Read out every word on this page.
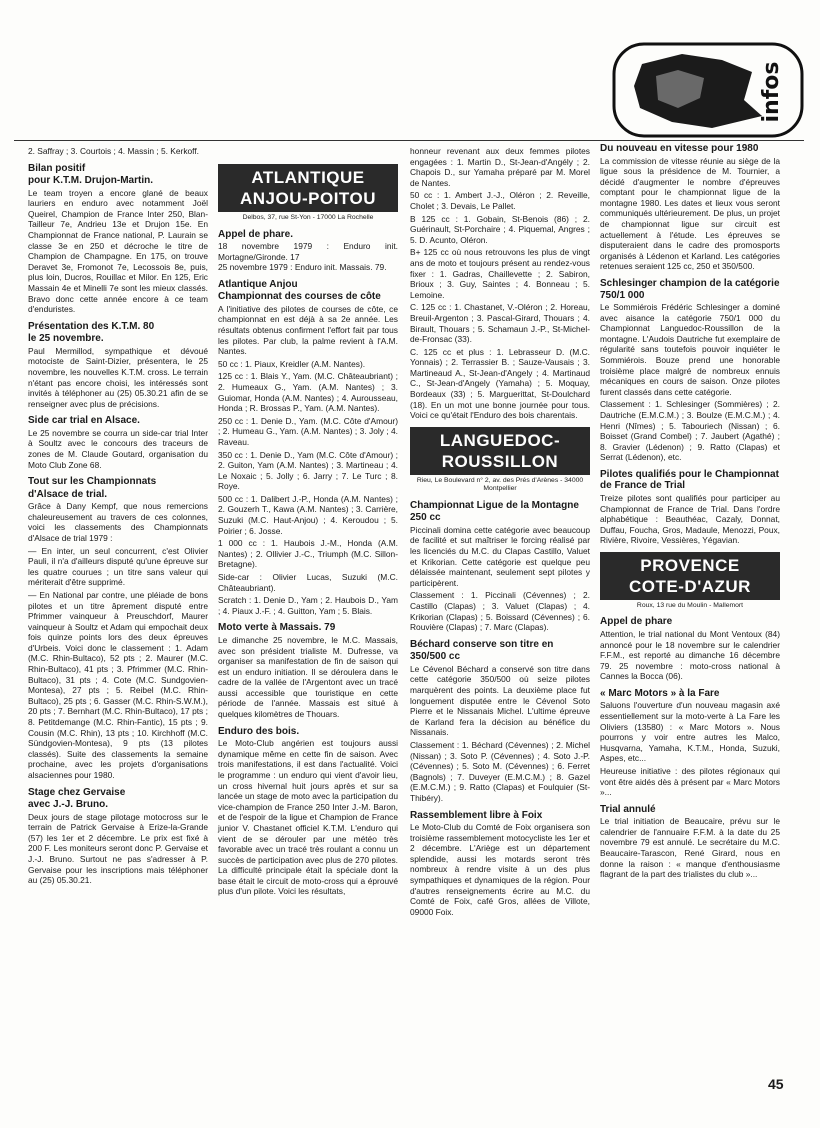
infos

2. Saffray ; 3. Courtois ; 4. Massin ; 5. Kerkoff.

Bilan positif
pour K.T.M. Drujon-Martin.

Le team troyen a encore glané de beaux lauriers en enduro avec notamment Joël Queirel, Champion de France Inter 250, Blan-Tailleur 7e, Andrieu 13e et Drujon 15e. En Championnat de France national, P. Laurain se classe 3e en 250 et décroche le titre de Champion de Champagne. En 175, on trouve Deravet 3e, Fromonot 7e, Lecossois 8e, puis, plus loin, Ducros, Rouillac et Milor. En 125, Eric Massain 4e et Minelli 7e sont les mieux classés. Bravo donc cette année encore à ce team d'enduristes.

Présentation des K.T.M. 80
le 25 novembre.

Paul Mermillod, sympathique et dévoué motociste de Saint-Dizier, présentera, le 25 novembre, les nouvelles K.T.M. cross. Le terrain n'étant pas encore choisi, les intéressés sont invités à téléphoner au (25) 05.30.21 afin de se renseigner avec plus de précisions.

Side car trial en Alsace.

Le 25 novembre se courra un side-car trial Inter à Soultz avec le concours des traceurs de zones de M. Claude Goutard, organisation du Moto Club Zone 68.

Tout sur les Championnats
d'Alsace de trial.

Grâce à Dany Kempf, que nous remercions chaleureusement au travers de ces colonnes, voici les classements des Championnats d'Alsace de trial 1979 :

— En inter, un seul concurrent, c'est Olivier Pauli, il n'a d'ailleurs disputé qu'une épreuve sur les quatre courues ; un titre sans valeur qui mériterait d'être supprimé.

— En National par contre, une pléiade de bons pilotes et un titre âprement disputé entre Pfrimmer vainqueur à Preuschdorf, Maurer vainqueur à Soultz et Adam qui empochait deux fois quinze points lors des deux épreuves d'Urbeis. Voici donc le classement : 1. Adam (M.C. Rhin-Bultaco), 52 pts ; 2. Maurer (M.C. Rhin-Bultaco), 41 pts ; 3. Pfrimmer (M.C. Rhin-Bultaco), 31 pts ; 4. Cote (M.C. Sundgovien-Montesa), 27 pts ; 5. Reibel (M.C. Rhin-Bultaco), 25 pts ; 6. Gasser (M.C. Rhin-S.W.M.), 20 pts ; 7. Bernhart (M.C. Rhin-Bultaco), 17 pts ; 8. Petitdemange (M.C. Rhin-Fantic), 15 pts ; 9. Cousin (M.C. Rhin), 13 pts ; 10. Kirchhoff (M.C. Sündgovien-Montesa), 9 pts (13 pilotes classés). Suite des classements la semaine prochaine, avec les projets d'organisations alsaciennes pour 1980.

Stage chez Gervaise
avec J.-J. Bruno.

Deux jours de stage pilotage motocross sur le terrain de Patrick Gervaise à Erize-la-Grande (57) les 1er et 2 décembre. Le prix est fixé à 200 F. Les moniteurs seront donc P. Gervaise et J.-J. Bruno. Surtout ne pas s'adresser à P. Gervaise pour les inscriptions mais téléphoner au (25) 05.30.21.

ATLANTIQUE
ANJOU-POITOU
Delbos, 37, rue St-Yon - 17000 La Rochelle
Appel de phare.

18 novembre 1979 : Enduro init. Mortagne/Gironde. 17
25 novembre 1979 : Enduro init. Massais. 79.

Atlantique Anjou
Championnat des courses de côte

A l'initiative des pilotes de courses de côte, ce championnat en est déjà à sa 2e année. Les résultats obtenus confirment l'effort fait par tous les pilotes. Par club, la palme revient à l'A.M. Nantes.

50 cc : 1. Piaux, Kreidler (A.M. Nantes).

125 cc : 1. Blais Y., Yam. (M.C. Châteaubriant) ; 2. Humeaux G., Yam. (A.M. Nantes) ; 3. Guiomar, Honda (A.M. Nantes) ; 4. Aurousseau, Honda ; R. Brossas P., Yam. (A.M. Nantes).

250 cc : 1. Denie D., Yam. (M.C. Côte d'Amour) ; 2. Humeau G., Yam. (A.M. Nantes) ; 3. Joly ; 4. Raveau.

350 cc : 1. Denie D., Yam (M.C. Côte d'Amour) ; 2. Guiton, Yam (A.M. Nantes) ; 3. Martineau ; 4. Le Noxaic ; 5. Jolly ; 6. Jarry ; 7. Le Turc ; 8. Roye.

500 cc : 1. Dalibert J.-P., Honda (A.M. Nantes) ; 2. Gouzerh T., Kawa (A.M. Nantes) ; 3. Carrière, Suzuki (M.C. Haut-Anjou) ; 4. Keroudou ; 5. Poirier ; 6. Josse.

1 000 cc : 1. Haubois J.-M., Honda (A.M. Nantes) ; 2. Ollivier J.-C., Triumph (M.C. Sillon-Bretagne).

Side-car : Olivier Lucas, Suzuki (M.C. Châteaubriant).

Scratch : 1. Denie D., Yam ; 2. Haubois D., Yam ; 4. Piaux J.-F. ; 4. Guitton, Yam ; 5. Blais.

Moto verte à Massais. 79

Le dimanche 25 novembre, le M.C. Massais, avec son président trialiste M. Dufresse, va organiser sa manifestation de fin de saison qui est un enduro initiation. Il se déroulera dans le cadre de la vallée de l'Argentont avec un tracé aussi accessible que touristique en cette période de l'année. Massais est situé à quelques kilomètres de Thouars.

Enduro des bois.

Le Moto-Club angérien est toujours aussi dynamique même en cette fin de saison. Avec trois manifestations, il est dans l'actualité. Voici le programme : un enduro qui vient d'avoir lieu, un cross hivernal huit jours après et sur sa lancée un stage de moto avec la participation du vice-champion de France 250 Inter J.-M. Baron, et de l'espoir de la ligue et Champion de France junior V. Chastanet officiel K.T.M. L'enduro qui vient de se dérouler par une météo très favorable avec un tracé très roulant a connu un succès de participation avec plus de 270 pilotes. La difficulté principale était la spéciale dont la base était le circuit de moto-cross qui a éprouvé plus d'un pilote. Voici les résultats,

honneur revenant aux deux femmes pilotes engagées : 1. Martin D., St-Jean-d'Angély ; 2. Chapois D., sur Yamaha préparé par M. Morel de Nantes.

50 cc : 1. Ambert J.-J., Oléron ; 2. Reveille, Cholet ; 3. Devais, Le Pallet.

B 125 cc : 1. Gobain, St-Benois (86) ; 2. Guérinault, St-Porchaire ; 4. Piquemal, Angres ; 5. D. Acunto, Oléron.

B+ 125 cc où nous retrouvons les plus de vingt ans de moto et toujours présent au rendez-vous fixer : 1. Gadras, Chaillevette ; 2. Sabiron, Brioux ; 3. Guy, Saintes ; 4. Bonneau ; 5. Lemoine.

C. 125 cc : 1. Chastanet, V.-Oléron ; 2. Horeau, Breuil-Argenton ; 3. Pascal-Girard, Thouars ; 4. Birault, Thouars ; 5. Schamaun J.-P., St-Michel-de-Fronsac (33).

C. 125 cc et plus : 1. Lebrasseur D. (M.C. Yonnais) ; 2. Terrassier B. ; Sauze-Vausais ; 3. Martineaud A., St-Jean-d'Angely ; 4. Martinaud C., St-Jean-d'Angely (Yamaha) ; 5. Moquay, Bordeaux (33) ; 5. Marguerittat, St-Doulchard (18). En un mot une bonne journée pour tous. Voici ce qu'était l'Enduro des bois charentais.

LANGUEDOC-
ROUSSILLON
Rieu, Le Boulevard n° 2, av. des Prés d'Arènes - 34000 Montpellier
Championnat Ligue de la Montagne
250 cc

Piccinali domina cette catégorie avec beaucoup de facilité et sut maîtriser le forcing réalisé par les licenciés du M.C. du Clapas Castillo, Valuet et Krikorian. Cette catégorie est quelque peu délaissée maintenant, seulement sept pilotes y participèrent.

Classement : 1. Piccinali (Cévennes) ; 2. Castillo (Clapas) ; 3. Valuet (Clapas) ; 4. Krikorian (Clapas) ; 5. Boissard (Cévennes) ; 6. Rouvière (Clapas) ; 7. Marc (Clapas).

Béchard conserve son titre en
350/500 cc

Le Cévenol Béchard a conservé son titre dans cette catégorie 350/500 où seize pilotes marquèrent des points. La deuxième place fut longuement disputée entre le Cévenol Soto Pierre et le Nissanais Michel. L'ultime épreuve de Karland fera la décision au bénéfice du Nissanais.

Classement : 1. Béchard (Cévennes) ; 2. Michel (Nissan) ; 3. Soto P. (Cévennes) ; 4. Soto J.-P. (Cévennes) ; 5. Soto M. (Cévennes) ; 6. Ferret (Bagnols) ; 7. Duveyer (E.M.C.M.) ; 8. Gazel (E.M.C.M.) ; 9. Ratto (Clapas) et Foulquier (St-Thibéry).

Rassemblement libre à Foix

Le Moto-Club du Comté de Foix organisera son troisième rassemblement motocycliste les 1er et 2 décembre. L'Ariège est un département splendide, aussi les motards seront très nombreux à rendre visite à un des plus sympathiques et dynamiques de la région. Pour d'autres renseignements écrire au M.C. du Comté de Foix, café Gros, allées de Villote, 09000 Foix.

Du nouveau en vitesse pour 1980

La commission de vitesse réunie au siège de la ligue sous la présidence de M. Tournier, a décidé d'augmenter le nombre d'épreuves comptant pour le championnat ligue de la montagne 1980. Les dates et lieux vous seront communiqués ultérieurement. De plus, un projet de championnat ligue sur circuit est actuellement à l'étude. Les épreuves se disputeraient dans le cadre des promosports organisés à Lédenon et Karland. Les catégories retenues seraient 125 cc, 250 et 350/500.

Schlesinger champion de la catégorie 750/1 000

Le Sommiérois Frédéric Schlesinger a dominé avec aisance la catégorie 750/1 000 du Championnat Languedoc-Roussillon de la montagne. L'Audois Dautriche fut exemplaire de régularité sans toutefois pouvoir inquiéter le Sommiérois. Bouze prend une honorable troisième place malgré de nombreux ennuis mécaniques en cours de saison. Onze pilotes furent classés dans cette catégorie.

Classement : 1. Schlesinger (Sommières) ; 2. Dautriche (E.M.C.M.) ; 3. Boulze (E.M.C.M.) ; 4. Henri (Nîmes) ; 5. Tabouriech (Nissan) ; 6. Boisset (Grand Combel) ; 7. Jaubert (Agathé) ; 8. Gravier (Lédenon) ; 9. Ratto (Clapas) et Serrat (Lédenon), etc.

Pilotes qualifiés pour le Championnat de France de Trial

Treize pilotes sont qualifiés pour participer au Championnat de France de Trial. Dans l'ordre alphabétique : Beauthéac, Cazaly, Donnat, Duffau, Foucha, Gros, Madaule, Menozzi, Poux, Rivière, Rivoire, Vessières, Yégavian.

PROVENCE
COTE-D'AZUR
Roux, 13 rue du Moulin - Mallemort
Appel de phare

Attention, le trial national du Mont Ventoux (84) annoncé pour le 18 novembre sur le calendrier F.F.M., est reporté au dimanche 16 décembre 79. 25 novembre : moto-cross national à Cannes la Bocca (06).

« Marc Motors » à la Fare

Saluons l'ouverture d'un nouveau magasin axé essentiellement sur la moto-verte à La Fare les Oliviers (13580) : « Marc Motors ». Nous pourrons y voir entre autres les Malco, Husqvarna, Yamaha, K.T.M., Honda, Suzuki, Aspes, etc...

Heureuse initiative : des pilotes régionaux qui vont être aidés dès à présent par « Marc Motors »...

Trial annulé

Le trial initiation de Beaucaire, prévu sur le calendrier de l'annuaire F.F.M. à la date du 25 novembre 79 est annulé. Le secrétaire du M.C. Beaucaire-Tarascon, René Girard, nous en donne la raison : « manque d'enthousiasme flagrant de la part des trialistes du club »...

45
